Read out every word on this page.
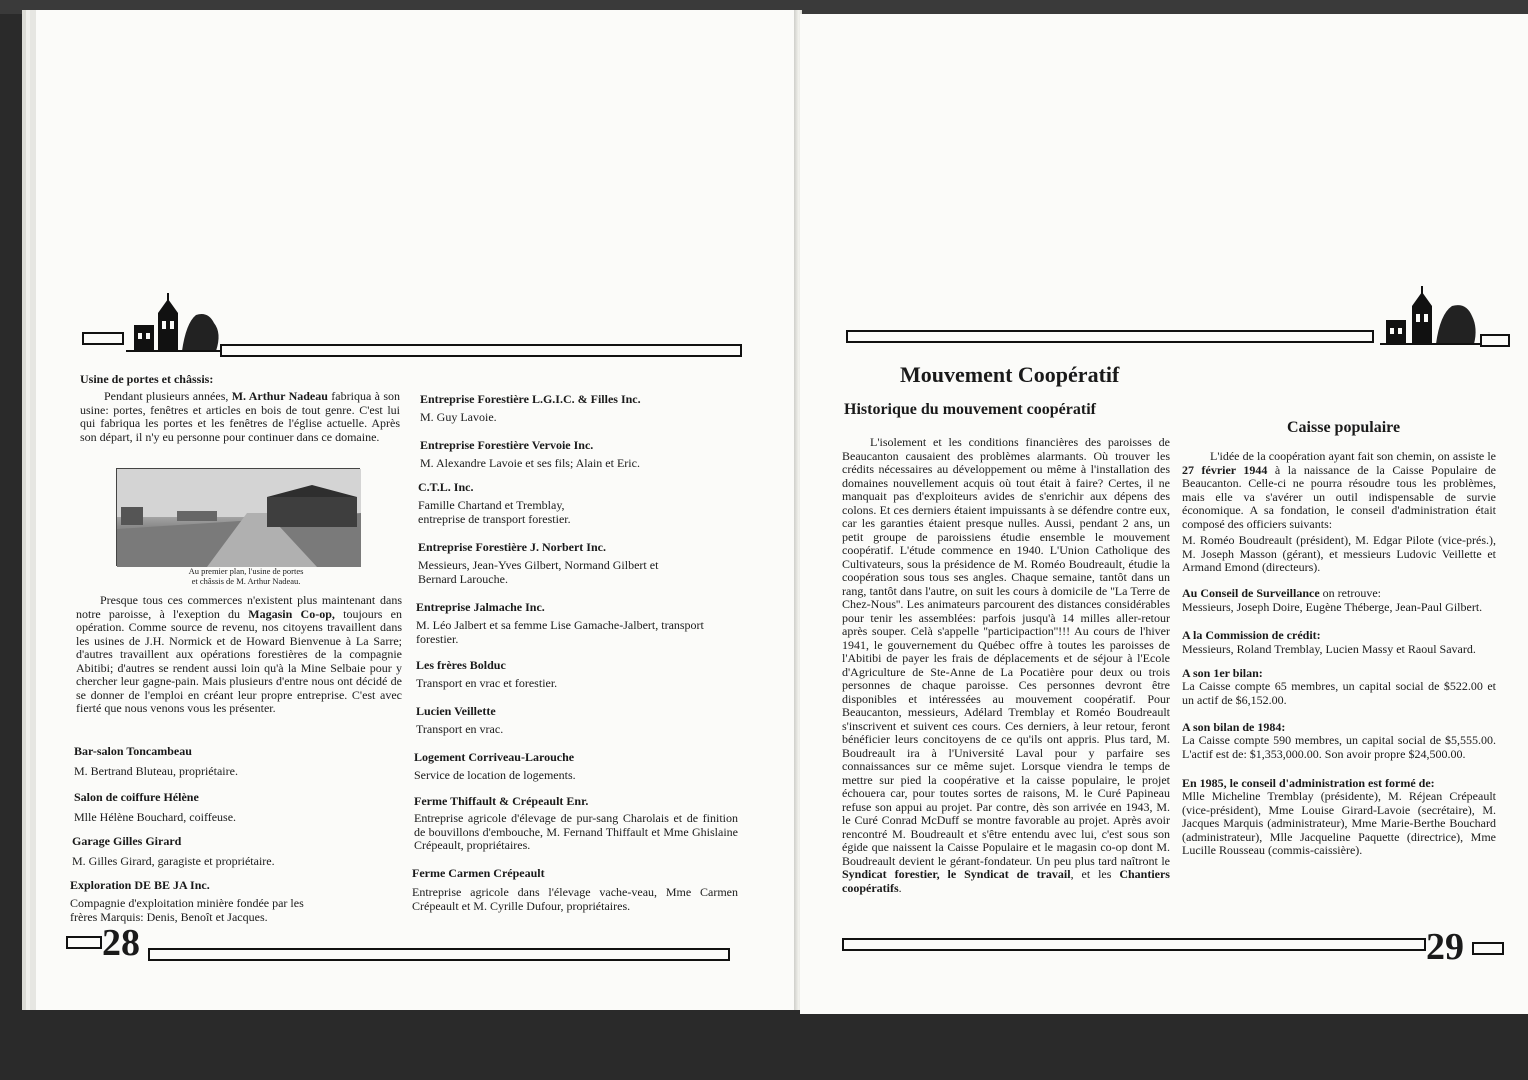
Usine de portes et châssis:
Pendant plusieurs années, M. Arthur Nadeau fabriqua à son usine: portes, fenêtres et articles en bois de tout genre. C'est lui qui fabriqua les portes et les fenêtres de l'église actuelle. Après son départ, il n'y eu personne pour continuer dans ce domaine.
Au premier plan, l'usine de portes
et châssis de M. Arthur Nadeau.
Presque tous ces commerces n'existent plus maintenant dans notre paroisse, à l'exeption du Magasin Co-op, toujours en opération. Comme source de revenu, nos citoyens travaillent dans les usines de J.H. Normick et de Howard Bienvenue à La Sarre; d'autres travaillent aux opérations forestières de la compagnie Abitibi; d'autres se rendent aussi loin qu'à la Mine Selbaie pour y chercher leur gagne-pain. Mais plusieurs d'entre nous ont décidé de se donner de l'emploi en créant leur propre entreprise. C'est avec fierté que nous venons vous les présenter.
Bar-salon Toncambeau
M. Bertrand Bluteau, propriétaire.
Salon de coiffure Hélène
Mlle Hélène Bouchard, coiffeuse.
Garage Gilles Girard
M. Gilles Girard, garagiste et propriétaire.
Exploration DE BE JA Inc.
Compagnie d'exploitation minière fondée par les frères Marquis: Denis, Benoît et Jacques.
Entreprise Forestière L.G.I.C. & Filles Inc.
M. Guy Lavoie.
Entreprise Forestière Vervoie Inc.
M. Alexandre Lavoie et ses fils; Alain et Eric.
C.T.L. Inc.
Famille Chartand et Tremblay, entreprise de transport forestier.
Entreprise Forestière J. Norbert Inc.
Messieurs, Jean-Yves Gilbert, Normand Gilbert et Bernard Larouche.
Entreprise Jalmache Inc.
M. Léo Jalbert et sa femme Lise Gamache-Jalbert, transport forestier.
Les frères Bolduc
Transport en vrac et forestier.
Lucien Veillette
Transport en vrac.
Logement Corriveau-Larouche
Service de location de logements.
Ferme Thiffault & Crépeault Enr.
Entreprise agricole d'élevage de pur-sang Charolais et de finition de bouvillons d'embouche, M. Fernand Thiffault et Mme Ghislaine Crépeault, propriétaires.
Ferme Carmen Crépeault
Entreprise agricole dans l'élevage vache-veau, Mme Carmen Crépeault et M. Cyrille Dufour, propriétaires.
28
Mouvement Coopératif
Historique du mouvement coopératif
L'isolement et les conditions financières des paroisses de Beaucanton causaient des problèmes alarmants. Où trouver les crédits nécessaires au développement ou même à l'installation des domaines nouvellement acquis où tout était à faire? Certes, il ne manquait pas d'exploiteurs avides de s'enrichir aux dépens des colons. Et ces derniers étaient impuissants à se défendre contre eux, car les garanties étaient presque nulles. Aussi, pendant 2 ans, un petit groupe de paroissiens étudie ensemble le mouvement coopératif. L'étude commence en 1940. L'Union Catholique des Cultivateurs, sous la présidence de M. Roméo Boudreault, étudie la coopération sous tous ses angles. Chaque semaine, tantôt dans un rang, tantôt dans l'autre, on suit les cours à domicile de ''La Terre de Chez-Nous''. Les animateurs parcourent des distances considérables pour tenir les assemblées: parfois jusqu'à 14 milles aller-retour après souper. Celà s'appelle ''participaction''!!! Au cours de l'hiver 1941, le gouvernement du Québec offre à toutes les paroisses de l'Abitibi de payer les frais de déplacements et de séjour à l'Ecole d'Agriculture de Ste-Anne de La Pocatière pour deux ou trois personnes de chaque paroisse. Ces personnes devront être disponibles et intéressées au mouvement coopératif. Pour Beaucanton, messieurs, Adélard Tremblay et Roméo Boudreault s'inscrivent et suivent ces cours. Ces derniers, à leur retour, feront bénéficier leurs concitoyens de ce qu'ils ont appris. Plus tard, M. Boudreault ira à l'Université Laval pour y parfaire ses connaissances sur ce même sujet. Lorsque viendra le temps de mettre sur pied la coopérative et la caisse populaire, le projet échouera car, pour toutes sortes de raisons, M. le Curé Papineau refuse son appui au projet. Par contre, dès son arrivée en 1943, M. le Curé Conrad McDuff se montre favorable au projet. Après avoir rencontré M. Boudreault et s'être entendu avec lui, c'est sous son égide que naissent la Caisse Populaire et le magasin co-op dont M. Boudreault devient le gérant-fondateur. Un peu plus tard naîtront le Syndicat forestier, le Syndicat de travail, et les Chantiers coopératifs.
Caisse populaire
L'idée de la coopération ayant fait son chemin, on assiste le 27 février 1944 à la naissance de la Caisse Populaire de Beaucanton. Celle-ci ne pourra résoudre tous les problèmes, mais elle va s'avérer un outil indispensable de survie économique. A sa fondation, le conseil d'administration était composé des officiers suivants:
M. Roméo Boudreault (président), M. Edgar Pilote (vice-prés.), M. Joseph Masson (gérant), et messieurs Ludovic Veillette et Armand Emond (directeurs).
Au Conseil de Surveillance on retrouve:
Messieurs, Joseph Doire, Eugène Théberge, Jean-Paul Gilbert.
A la Commission de crédit:
Messieurs, Roland Tremblay, Lucien Massy et Raoul Savard.
A son 1er bilan:
La Caisse compte 65 membres, un capital social de $522.00 et un actif de $6,152.00.
A son bilan de 1984:
La Caisse compte 590 membres, un capital social de $5,555.00. L'actif est de: $1,353,000.00. Son avoir propre $24,500.00.
En 1985, le conseil d'administration est formé de:
Mlle Micheline Tremblay (présidente), M. Réjean Crépeault (vice-président), Mme Louise Girard-Lavoie (secrétaire), M. Jacques Marquis (administrateur), Mme Marie-Berthe Bouchard (administrateur), Mlle Jacqueline Paquette (directrice), Mme Lucille Rousseau (commis-caissière).
29
